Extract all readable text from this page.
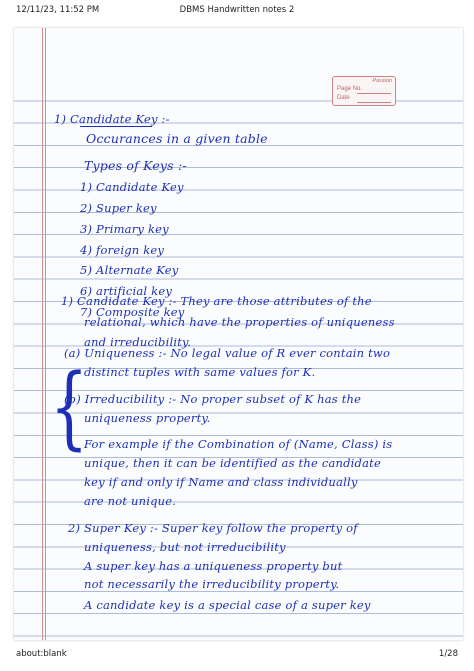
12/11/23, 11:52 PM	DBMS Handwritten notes 2
Passion
Page No.
Date
1) Candidate Key :-
Occurances in a given table
Types of Keys :-
1) Candidate Key
2) Super key
3) Primary key
4) foreign key
5) Alternate Key
6) artificial key
7) Composite key
1) Candidate Key :- They are those attributes of the
relational, which have the properties of uniqueness
and irreducibility.
{
(a) Uniqueness :- No legal value of R ever contain two
distinct tuples with same values for K.
(b) Irreducibility :- No proper subset of K has the
uniqueness property.
For example if the Combination of (Name, Class) is
unique, then it can be identified as the candidate
key if and only if Name and class individually
are not unique.
2) Super Key :- Super key follow the property of
uniqueness, but not irreducibility
A super key has a uniqueness property but
not necessarily the irreducibility property.
A candidate key is a special case of a super key
about:blank	1/28
